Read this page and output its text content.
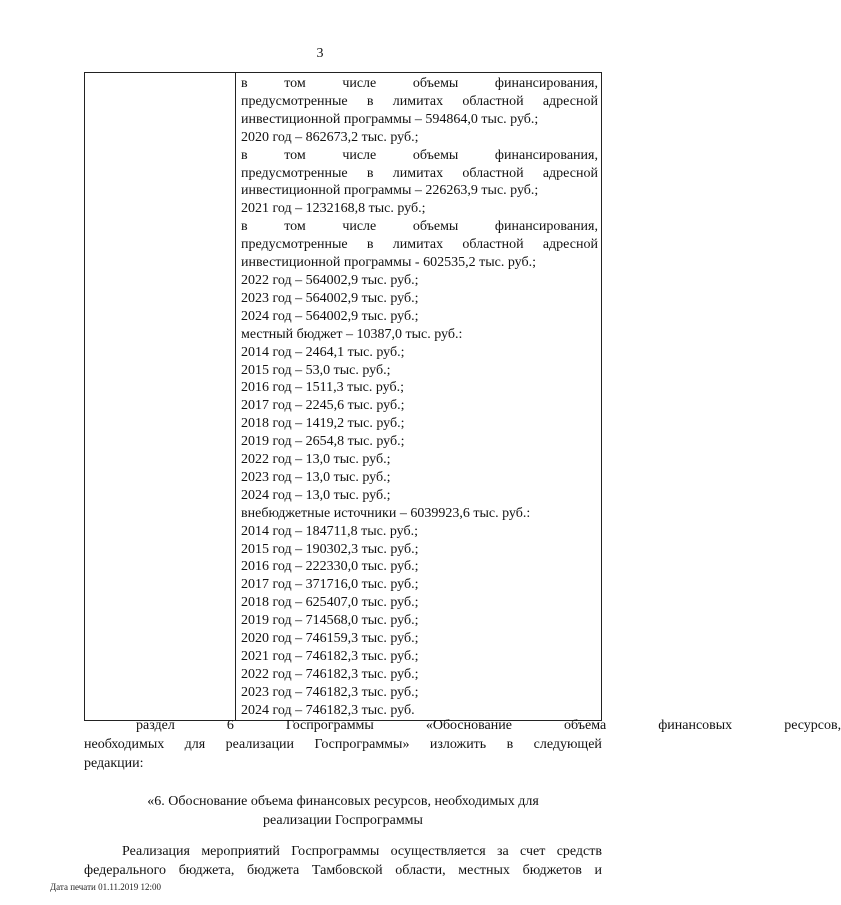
3

в	том	числе	объемы	финансирования,
предусмотренные в лимитах областной адресной
инвестиционной программы – 594864,0 тыс. руб.;
2020 год – 862673,2 тыс. руб.;
в	том	числе	объемы	финансирования,
предусмотренные в лимитах областной адресной
инвестиционной программы – 226263,9 тыс. руб.;
2021 год – 1232168,8 тыс. руб.;
в	том	числе	объемы	финансирования,
предусмотренные в лимитах областной адресной
инвестиционной программы - 602535,2 тыс. руб.;
2022 год – 564002,9 тыс. руб.;
2023 год – 564002,9 тыс. руб.;
2024 год – 564002,9 тыс. руб.;
местный бюджет – 10387,0 тыс. руб.:
2014 год – 2464,1 тыс. руб.;
2015 год – 53,0 тыс. руб.;
2016 год – 1511,3 тыс. руб.;
2017 год – 2245,6 тыс. руб.;
2018 год – 1419,2 тыс. руб.;
2019 год – 2654,8 тыс. руб.;
2022 год – 13,0 тыс. руб.;
2023 год – 13,0 тыс. руб.;
2024 год – 13,0 тыс. руб.;
внебюджетные источники – 6039923,6 тыс. руб.:
2014 год – 184711,8 тыс. руб.;
2015 год – 190302,3 тыс. руб.;
2016 год – 222330,0 тыс. руб.;
2017 год – 371716,0 тыс. руб.;
2018 год – 625407,0 тыс. руб.;
2019 год – 714568,0 тыс. руб.;
2020 год – 746159,3 тыс. руб.;
2021 год – 746182,3 тыс. руб.;
2022 год – 746182,3 тыс. руб.;
2023 год – 746182,3 тыс. руб.;
2024 год – 746182,3 тыс. руб.
раздел	6	Госпрограммы	«Обоснование	объема	финансовых	ресурсов,
необходимых для реализации Госпрограммы» изложить в следующей
редакции:
«6. Обоснование объема финансовых ресурсов, необходимых для
реализации Госпрограммы
Реализация мероприятий Госпрограммы осуществляется за счет средств
федерального бюджета, бюджета Тамбовской области, местных бюджетов и
Дата печати 01.11.2019 12:00
